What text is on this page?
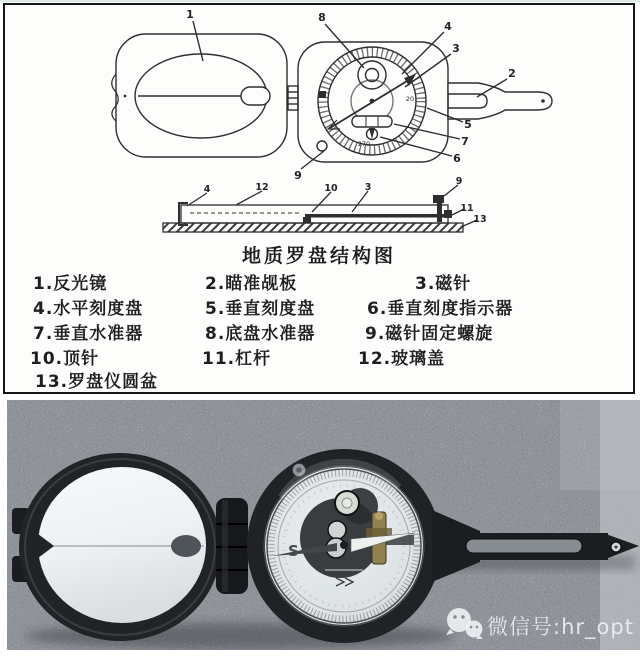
1	8
4
3
2
5
7
6
9
4	12	10	3
9
11
13
20
270
地质罗盘结构图
1.反光镜	2.瞄准觇板	3.磁针
4.水平刻度盘	5.垂直刻度盘	6.垂直刻度指示器
7.垂直水准器	8.底盘水准器	9.磁针固定螺旋
10.顶针	11.杠杆	12.玻璃盖
13.罗盘仪圆盆
S
微信号:hr_opt
